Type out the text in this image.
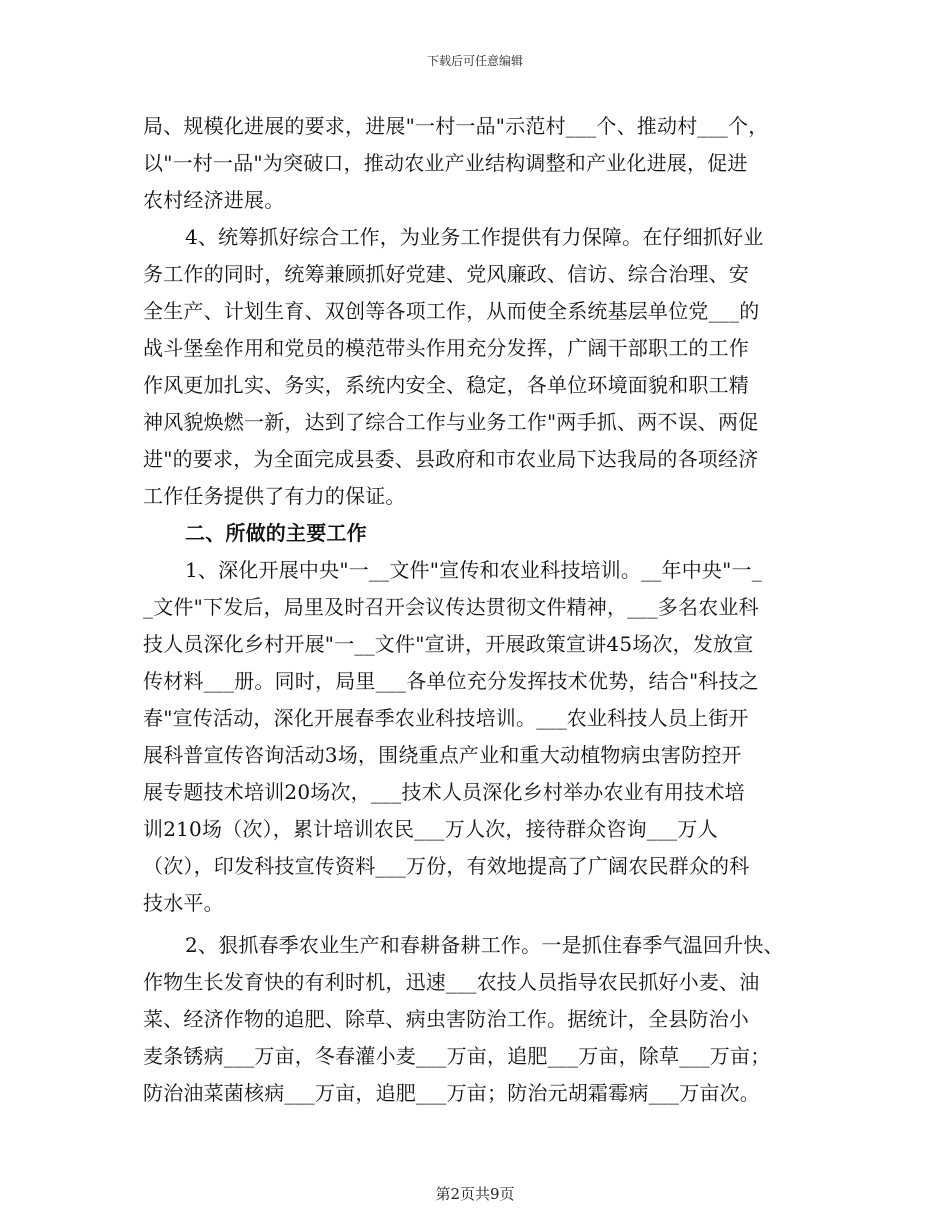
下载后可任意编辑
局、规模化进展的要求，进展"一村一品"示范村___个、推动村___个，
以"一村一品"为突破口，推动农业产业结构调整和产业化进展，促进
农村经济进展。
4、统筹抓好综合工作，为业务工作提供有力保障。在仔细抓好业
务工作的同时，统筹兼顾抓好党建、党风廉政、信访、综合治理、安
全生产、计划生育、双创等各项工作，从而使全系统基层单位党___的
战斗堡垒作用和党员的模范带头作用充分发挥，广阔干部职工的工作
作风更加扎实、务实，系统内安全、稳定，各单位环境面貌和职工精
神风貌焕燃一新，达到了综合工作与业务工作"两手抓、两不误、两促
进"的要求，为全面完成县委、县政府和市农业局下达我局的各项经济
工作任务提供了有力的保证。
二、所做的主要工作
1、深化开展中央"一__文件"宣传和农业科技培训。__年中央"一_
_文件"下发后，局里及时召开会议传达贯彻文件精神，___多名农业科
技人员深化乡村开展"一__文件"宣讲，开展政策宣讲45场次，发放宣
传材料___册。同时，局里___各单位充分发挥技术优势，结合"科技之
春"宣传活动，深化开展春季农业科技培训。___农业科技人员上街开
展科普宣传咨询活动3场，围绕重点产业和重大动植物病虫害防控开
展专题技术培训20场次，___技术人员深化乡村举办农业有用技术培
训210场（次），累计培训农民___万人次，接待群众咨询___万人
（次），印发科技宣传资料___万份，有效地提高了广阔农民群众的科
技水平。
2、狠抓春季农业生产和春耕备耕工作。一是抓住春季气温回升快、
作物生长发育快的有利时机，迅速___农技人员指导农民抓好小麦、油
菜、经济作物的追肥、除草、病虫害防治工作。据统计，全县防治小
麦条锈病___万亩，冬春灌小麦___万亩，追肥___万亩，除草___万亩；
防治油菜菌核病___万亩，追肥___万亩；防治元胡霜霉病___万亩次。
第2页共9页
